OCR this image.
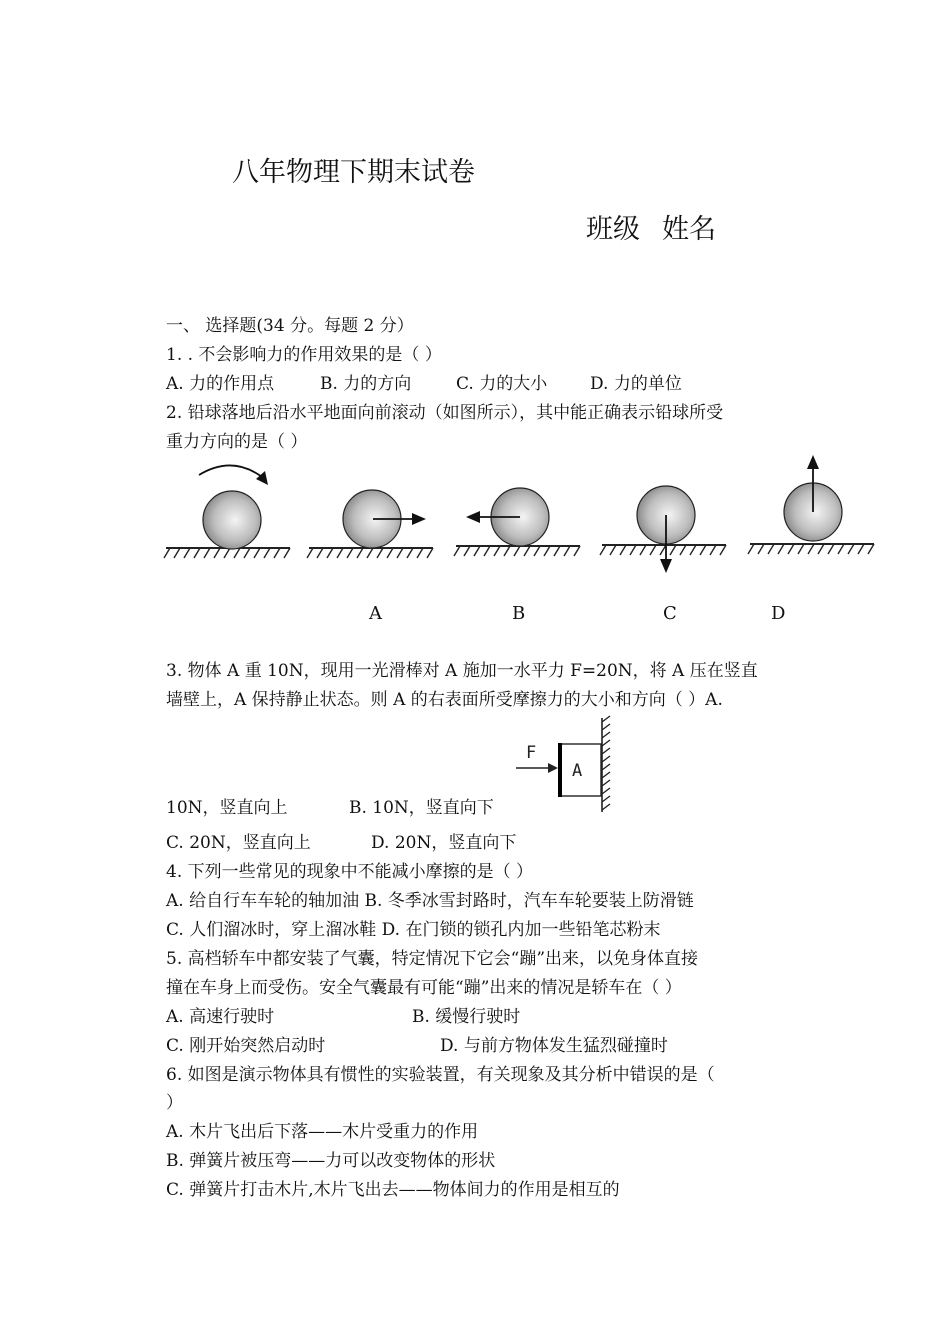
八年物理下期末试卷
班级 姓名
一、 选择题(34 分。每题 2 分）
1. . 不会影响力的作用效果的是（ ）
A. 力的作用点	B. 力的方向	C. 力的大小	D. 力的单位
2. 铅球落地后沿水平地面向前滚动（如图所示），其中能正确表示铅球所受
重力方向的是（ ）
A	B	C	D
3. 物体 A 重 10N，现用一光滑棒对 A 施加一水平力 F=20N，将 A 压在竖直
墙壁上，A 保持静止状态。则 A 的右表面所受摩擦力的大小和方向（ ）A.
F
A
10N，竖直向上	B. 10N，竖直向下
C. 20N，竖直向上	D. 20N，竖直向下
4. 下列一些常见的现象中不能减小摩擦的是（ ）
A. 给自行车车轮的轴加油 B. 冬季冰雪封路时，汽车车轮要装上防滑链
C. 人们溜冰时，穿上溜冰鞋 D. 在门锁的锁孔内加一些铅笔芯粉末
5. 高档轿车中都安装了气囊，特定情况下它会“蹦”出来，以免身体直接
撞在车身上而受伤。安全气囊最有可能“蹦”出来的情况是轿车在（ ）
A. 高速行驶时	B. 缓慢行驶时
C. 刚开始突然启动时	D. 与前方物体发生猛烈碰撞时
6. 如图是演示物体具有惯性的实验装置，有关现象及其分析中错误的是（
）
A. 木片飞出后下落——木片受重力的作用
B. 弹簧片被压弯——力可以改变物体的形状
C. 弹簧片打击木片,木片飞出去——物体间力的作用是相互的
